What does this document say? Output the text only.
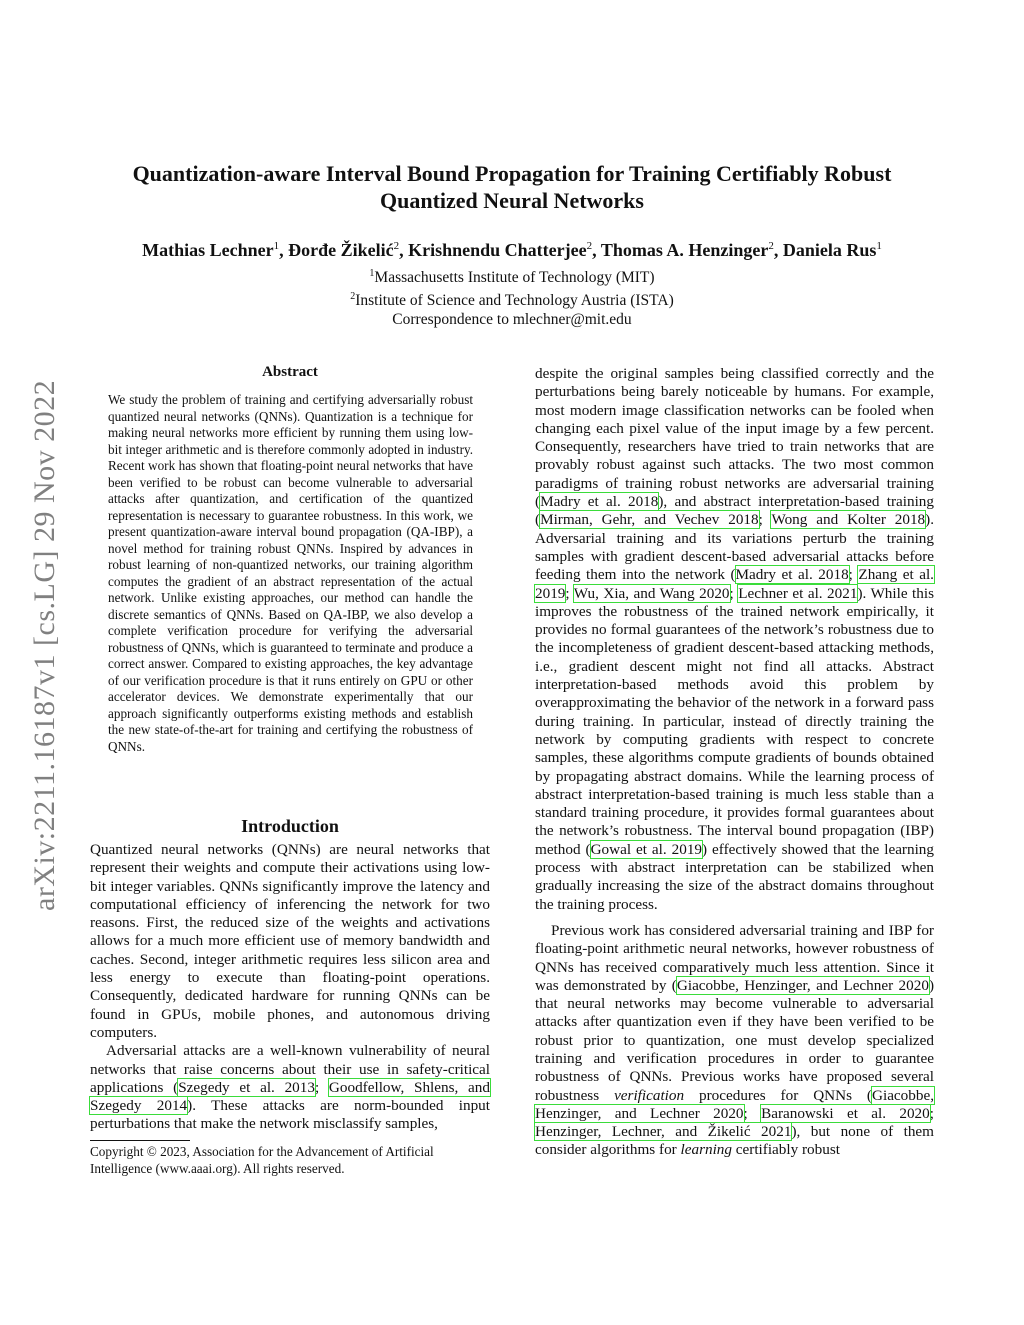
arXiv:2211.16187v1 [cs.LG] 29 Nov 2022
Quantization-aware Interval Bound Propagation for Training Certifiably Robust
Quantized Neural Networks
Mathias Lechner$^1$, Đorđe Žikelić$^2$, Krishnendu Chatterjee$^2$, Thomas A. Henzinger$^2$, Daniela Rus$^1$
$^1$Massachusetts Institute of Technology (MIT)
$^2$Institute of Science and Technology Austria (ISTA)
Correspondence to mlechner@mit.edu
Abstract
We study the problem of training and certifying adversarially robust quantized neural networks (QNNs). Quantization is a technique for making neural networks more efficient by running them using low-bit integer arithmetic and is therefore commonly adopted in industry. Recent work has shown that floating-point neural networks that have been verified to be robust can become vulnerable to adversarial attacks after quantization, and certification of the quantized representation is necessary to guarantee robustness. In this work, we present quantization-aware interval bound propagation (QA-IBP), a novel method for training robust QNNs. Inspired by advances in robust learning of non-quantized networks, our training algorithm computes the gradient of an abstract representation of the actual network. Unlike existing approaches, our method can handle the discrete semantics of QNNs. Based on QA-IBP, we also develop a complete verification procedure for verifying the adversarial robustness of QNNs, which is guaranteed to terminate and produce a correct answer. Compared to existing approaches, the key advantage of our verification procedure is that it runs entirely on GPU or other accelerator devices. We demonstrate experimentally that our approach significantly outperforms existing methods and establish the new state-of-the-art for training and certifying the robustness of QNNs.
Introduction

Quantized neural networks (QNNs) are neural networks that represent their weights and compute their activations using low-bit integer variables. QNNs significantly improve the latency and computational efficiency of inferencing the network for two reasons. First, the reduced size of the weights and activations allows for a much more efficient use of memory bandwidth and caches. Second, integer arithmetic requires less silicon area and less energy to execute than floating-point operations. Consequently, dedicated hardware for running QNNs can be found in GPUs, mobile phones, and autonomous driving computers.

Adversarial attacks are a well-known vulnerability of neural networks that raise concerns about their use in safety-critical applications (Szegedy et al. 2013; Goodfellow, Shlens, and Szegedy 2014). These attacks are norm-bounded input perturbations that make the network misclassify samples,

Copyright © 2023, Association for the Advancement of Artificial Intelligence (www.aaai.org). All rights reserved.

despite the original samples being classified correctly and the perturbations being barely noticeable by humans. For example, most modern image classification networks can be fooled when changing each pixel value of the input image by a few percent. Consequently, researchers have tried to train networks that are provably robust against such attacks. The two most common paradigms of training robust networks are adversarial training (Madry et al. 2018), and abstract interpretation-based training (Mirman, Gehr, and Vechev 2018; Wong and Kolter 2018). Adversarial training and its variations perturb the training samples with gradient descent-based adversarial attacks before feeding them into the network (Madry et al. 2018; Zhang et al. 2019; Wu, Xia, and Wang 2020; Lechner et al. 2021). While this improves the robustness of the trained network empirically, it provides no formal guarantees of the network’s robustness due to the incompleteness of gradient descent-based attacking methods, i.e., gradient descent might not find all attacks. Abstract interpretation-based methods avoid this problem by overapproximating the behavior of the network in a forward pass during training. In particular, instead of directly training the network by computing gradients with respect to concrete samples, these algorithms compute gradients of bounds obtained by propagating abstract domains. While the learning process of abstract interpretation-based training is much less stable than a standard training procedure, it provides formal guarantees about the network’s robustness. The interval bound propagation (IBP) method (Gowal et al. 2019) effectively showed that the learning process with abstract interpretation can be stabilized when gradually increasing the size of the abstract domains throughout the training process.

Previous work has considered adversarial training and IBP for floating-point arithmetic neural networks, however robustness of QNNs has received comparatively much less attention. Since it was demonstrated by (Giacobbe, Henzinger, and Lechner 2020) that neural networks may become vulnerable to adversarial attacks after quantization even if they have been verified to be robust prior to quantization, one must develop specialized training and verification procedures in order to guarantee robustness of QNNs. Previous works have proposed several robustness verification procedures for QNNs (Giacobbe, Henzinger, and Lechner 2020; Baranowski et al. 2020; Henzinger, Lechner, and Žikelić 2021), but none of them consider algorithms for learning certifiably robust
